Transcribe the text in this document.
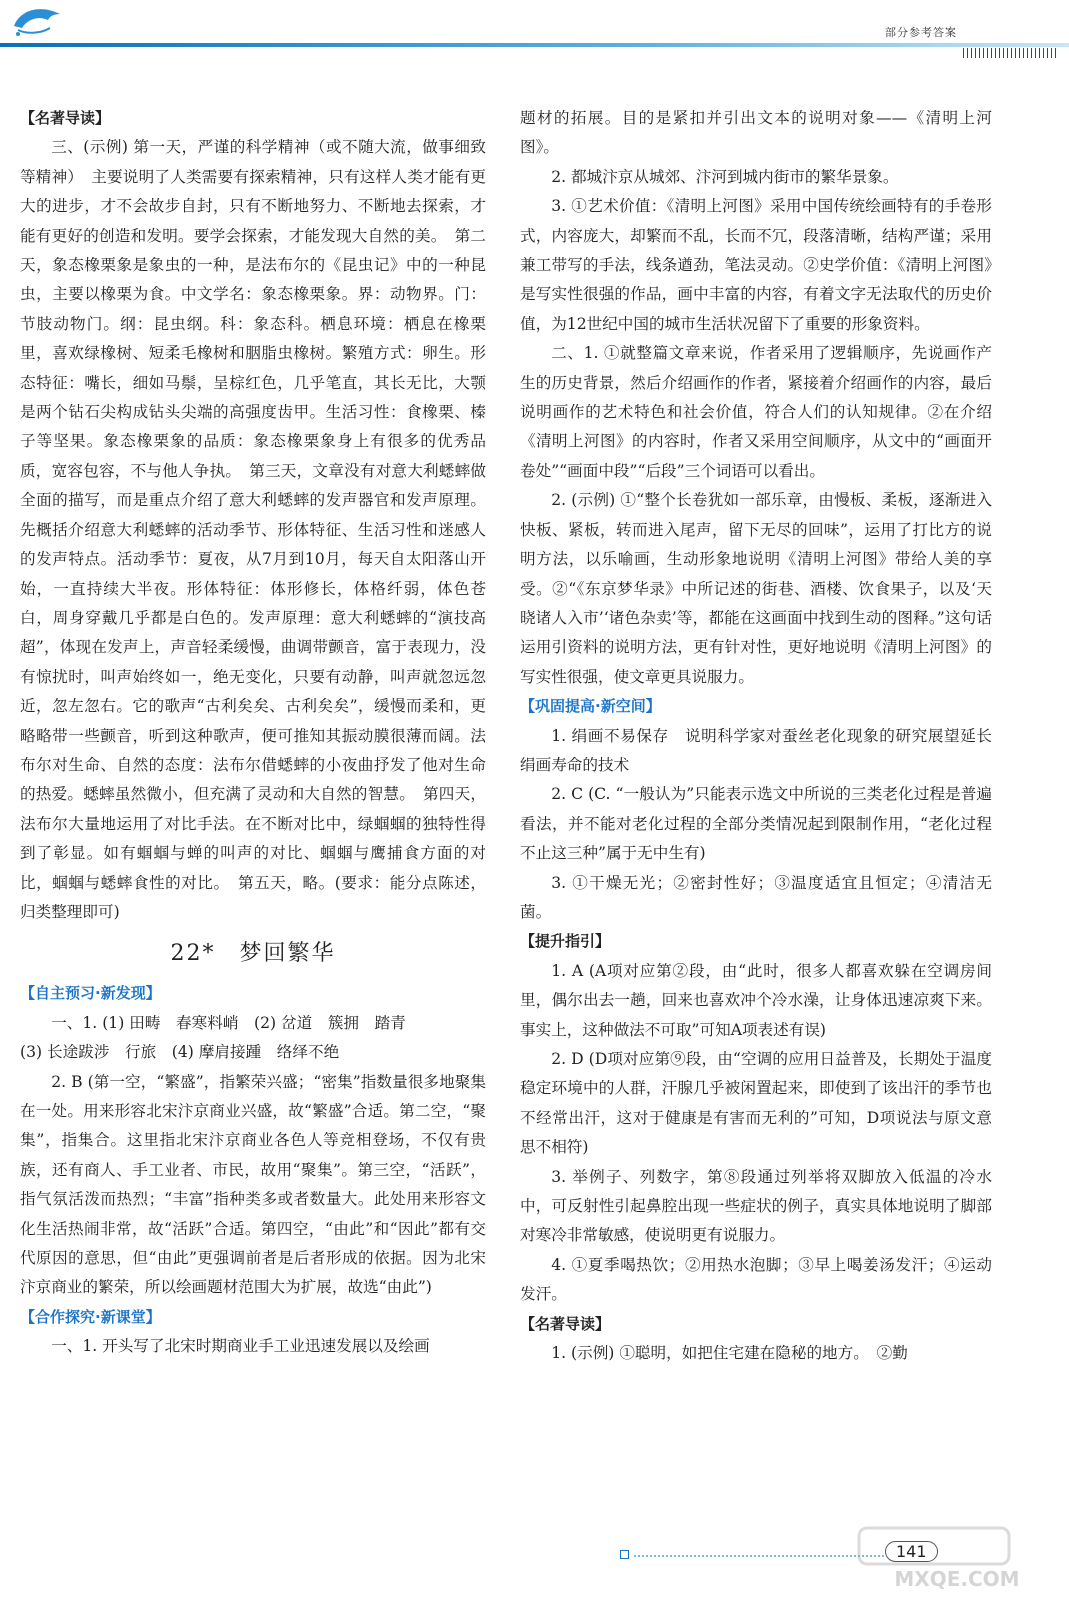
部分参考答案
【名著导读】

三、(示例) 第一天，严谨的科学精神（或不随大流，做事细致等精神）　主要说明了人类需要有探索精神，只有这样人类才能有更大的进步，才不会故步自封，只有不断地努力、不断地去探索，才能有更好的创造和发明。要学会探索，才能发现大自然的美。　第二天，象态橡栗象是象虫的一种，是法布尔的《昆虫记》中的一种昆虫，主要以橡栗为食。中文学名：象态橡栗象。界：动物界。门：节肢动物门。纲：昆虫纲。科：象态科。栖息环境：栖息在橡栗里，喜欢绿橡树、短柔毛橡树和胭脂虫橡树。繁殖方式：卵生。形态特征：嘴长，细如马鬃，呈棕红色，几乎笔直，其长无比，大颚是两个钻石尖构成钻头尖端的高强度齿甲。生活习性：食橡栗、榛子等坚果。象态橡栗象的品质：象态橡栗象身上有很多的优秀品质，宽容包容，不与他人争执。　第三天，文章没有对意大利蟋蟀做全面的描写，而是重点介绍了意大利蟋蟀的发声器官和发声原理。先概括介绍意大利蟋蟀的活动季节、形体特征、生活习性和迷感人的发声特点。活动季节：夏夜，从7月到10月，每天自太阳落山开始，一直持续大半夜。形体特征：体形修长，体格纤弱，体色苍白，周身穿戴几乎都是白色的。发声原理：意大利蟋蟀的“演技高超”，体现在发声上，声音轻柔缓慢，曲调带颤音，富于表现力，没有惊扰时，叫声始终如一，绝无变化，只要有动静，叫声就忽远忽近，忽左忽右。它的歌声“古利矣矣、古利矣矣”，缓慢而柔和，更略略带一些颤音，听到这种歌声，便可推知其振动膜很薄而阔。法布尔对生命、自然的态度：法布尔借蟋蟀的小夜曲抒发了他对生命的热爱。蟋蟀虽然微小，但充满了灵动和大自然的智慧。　第四天，法布尔大量地运用了对比手法。在不断对比中，绿蝈蝈的独特性得到了彰显。如有蝈蝈与蝉的叫声的对比、蝈蝈与鹰捕食方面的对比，蝈蝈与蟋蟀食性的对比。　第五天，略。(要求：能分点陈述，归类整理即可)

22*　梦回繁华
【自主预习·新发现】

一、1. (1) 田畴　春寒料峭　(2) 岔道　簇拥　踏青

(3) 长途跋涉　行旅　(4) 摩肩接踵　络绎不绝

2. B (第一空，“繁盛”，指繁荣兴盛；“密集”指数量很多地聚集在一处。用来形容北宋汴京商业兴盛，故“繁盛”合适。第二空，“聚集”，指集合。这里指北宋汴京商业各色人等竞相登场，不仅有贵族，还有商人、手工业者、市民，故用“聚集”。第三空，“活跃”，指气氛活泼而热烈；“丰富”指种类多或者数量大。此处用来形容文化生活热闹非常，故“活跃”合适。第四空，“由此”和“因此”都有交代原因的意思，但“由此”更强调前者是后者形成的依据。因为北宋汴京商业的繁荣，所以绘画题材范围大为扩展，故选“由此”)

【合作探究·新课堂】

一、1. 开头写了北宋时期商业手工业迅速发展以及绘画

题材的拓展。目的是紧扣并引出文本的说明对象——《清明上河图》。

2. 都城汴京从城郊、汴河到城内街市的繁华景象。

3. ①艺术价值：《清明上河图》采用中国传统绘画特有的手卷形式，内容庞大，却繁而不乱，长而不冗，段落清晰，结构严谨；采用兼工带写的手法，线条遒劲，笔法灵动。②史学价值：《清明上河图》是写实性很强的作品，画中丰富的内容，有着文字无法取代的历史价值，为12世纪中国的城市生活状况留下了重要的形象资料。

二、1. ①就整篇文章来说，作者采用了逻辑顺序，先说画作产生的历史背景，然后介绍画作的作者，紧接着介绍画作的内容，最后说明画作的艺术特色和社会价值，符合人们的认知规律。②在介绍《清明上河图》的内容时，作者又采用空间顺序，从文中的“画面开卷处”“画面中段”“后段”三个词语可以看出。

2. (示例) ①“整个长卷犹如一部乐章，由慢板、柔板，逐渐进入快板、紧板，转而进入尾声，留下无尽的回味”，运用了打比方的说明方法，以乐喻画，生动形象地说明《清明上河图》带给人美的享受。②“《东京梦华录》中所记述的街巷、酒楼、饮食果子，以及‘天晓诸人入市’‘诸色杂卖’等，都能在这画面中找到生动的图释。”这句话运用引资料的说明方法，更有针对性，更好地说明《清明上河图》的写实性很强，使文章更具说服力。

【巩固提高·新空间】

1. 绢画不易保存　说明科学家对蚕丝老化现象的研究展望延长绢画寿命的技术

2. C (C. “一般认为”只能表示选文中所说的三类老化过程是普遍看法，并不能对老化过程的全部分类情况起到限制作用，“老化过程不止这三种”属于无中生有)

3. ①干燥无光；②密封性好；③温度适宜且恒定；④清洁无菌。

【提升指引】

1. A (A项对应第②段，由“此时，很多人都喜欢躲在空调房间里，偶尔出去一趟，回来也喜欢冲个冷水澡，让身体迅速凉爽下来。事实上，这种做法不可取”可知A项表述有误)

2. D (D项对应第⑨段，由“空调的应用日益普及，长期处于温度稳定环境中的人群，汗腺几乎被闲置起来，即使到了该出汗的季节也不经常出汗，这对于健康是有害而无利的”可知，D项说法与原文意思不相符)

3. 举例子、列数字，第⑧段通过列举将双脚放入低温的冷水中，可反射性引起鼻腔出现一些症状的例子，真实具体地说明了脚部对寒冷非常敏感，使说明更有说服力。

4. ①夏季喝热饮；②用热水泡脚；③早上喝姜汤发汗；④运动发汗。

【名著导读】

1. (示例) ①聪明，如把住宅建在隐秘的地方。　②勤

141
MXQE.COM
